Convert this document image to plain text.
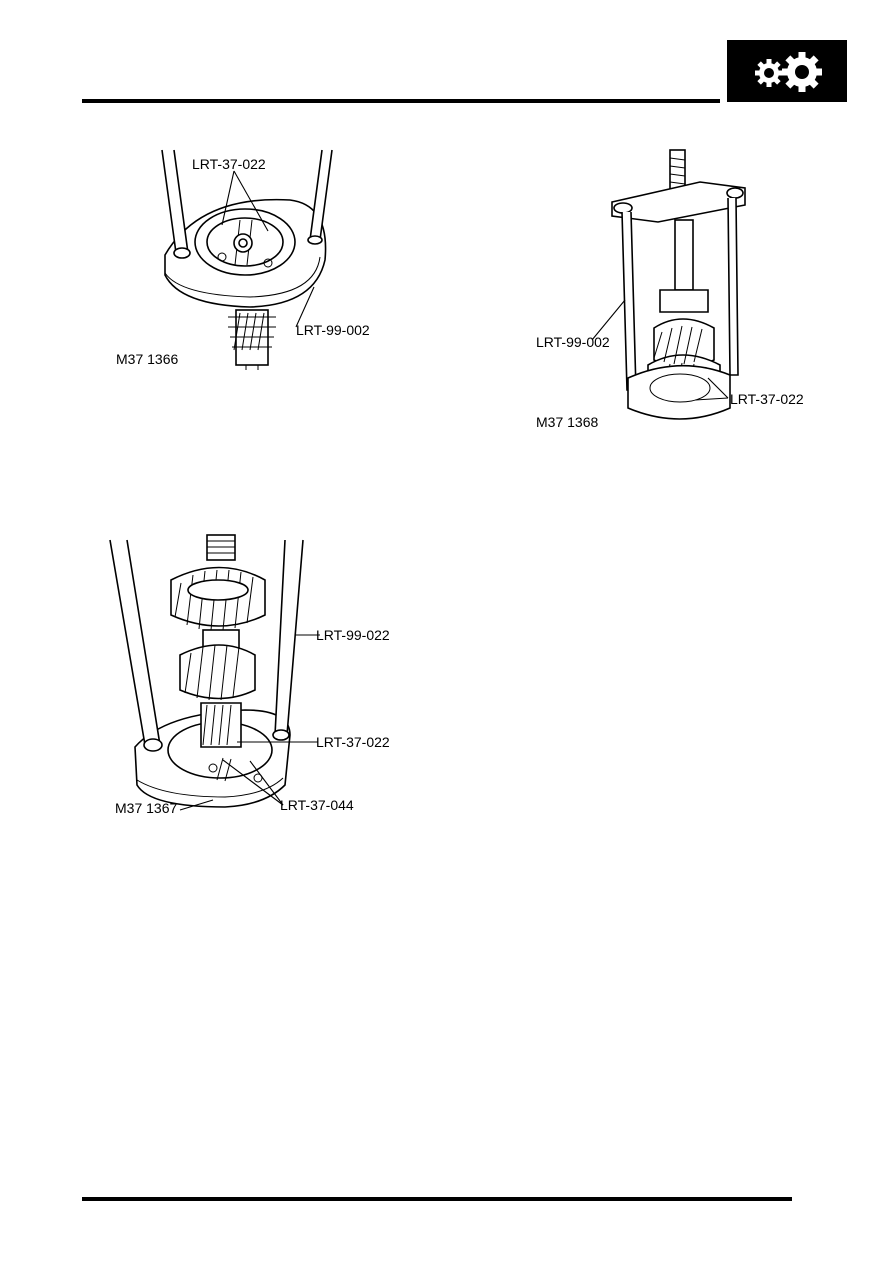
LRT-37-022
LRT-99-002
M37 1366
LRT-99-002
LRT-37-022
M37 1368
LRT-99-022
LRT-37-022
LRT-37-044
M37 1367
